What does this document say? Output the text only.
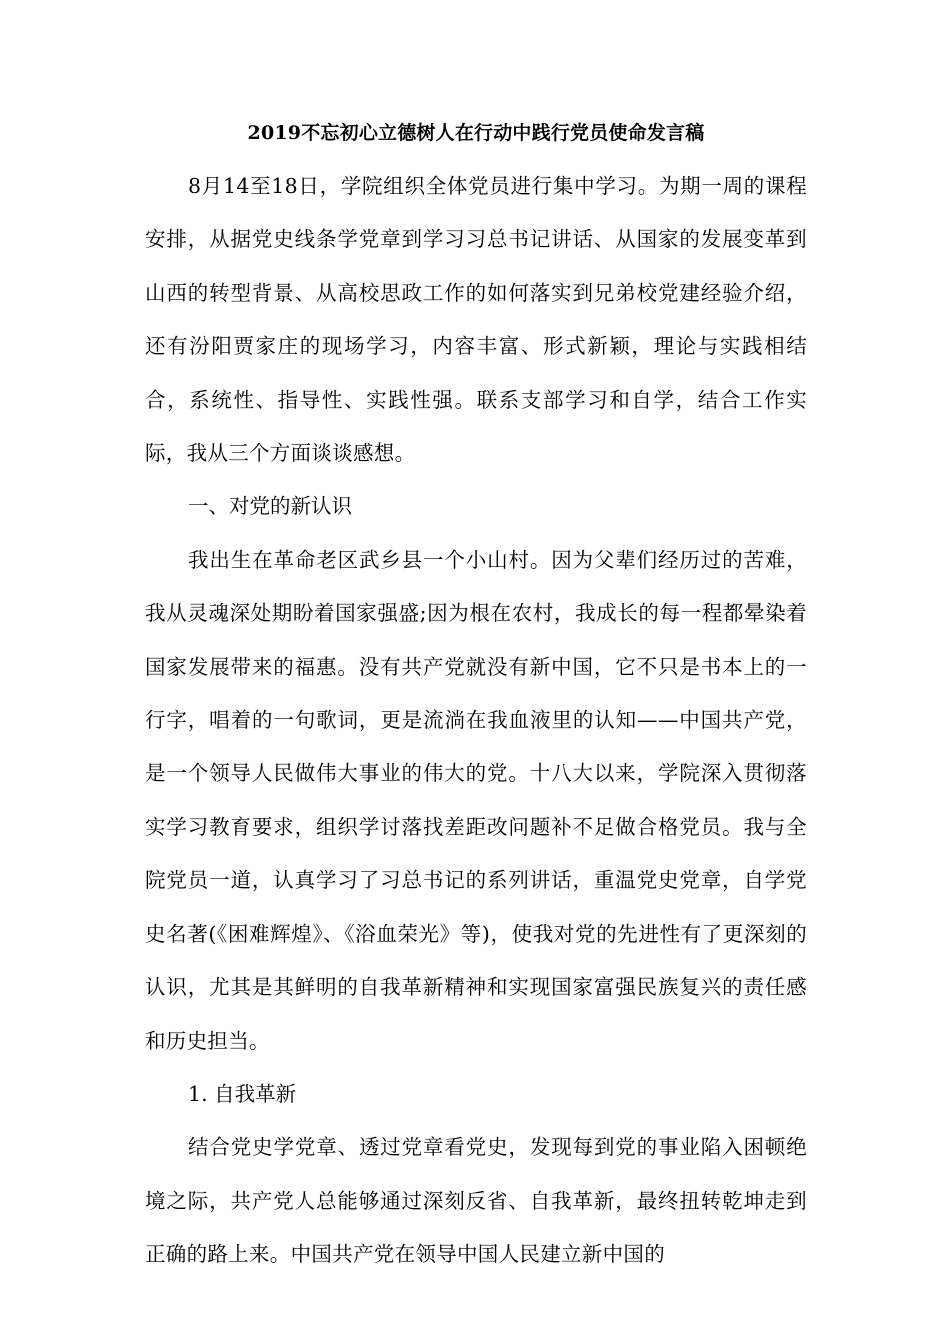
2019不忘初心立德树人在行动中践行党员使命发言稿

8月14至18日，学院组织全体党员进行集中学习。为期一周的课程安排，从据党史线条学党章到学习习总书记讲话、从国家的发展变革到山西的转型背景、从高校思政工作的如何落实到兄弟校党建经验介绍，还有汾阳贾家庄的现场学习，内容丰富、形式新颖，理论与实践相结合，系统性、指导性、实践性强。联系支部学习和自学，结合工作实际，我从三个方面谈谈感想。

一、对党的新认识

我出生在革命老区武乡县一个小山村。因为父辈们经历过的苦难，我从灵魂深处期盼着国家强盛;因为根在农村，我成长的每一程都晕染着国家发展带来的福惠。没有共产党就没有新中国，它不只是书本上的一行字，唱着的一句歌词，更是流淌在我血液里的认知——中国共产党，是一个领导人民做伟大事业的伟大的党。十八大以来，学院深入贯彻落实学习教育要求，组织学讨落找差距改问题补不足做合格党员。我与全院党员一道，认真学习了习总书记的系列讲话，重温党史党章，自学党史名著(《困难辉煌》、《浴血荣光》等)，使我对党的先进性有了更深刻的认识，尤其是其鲜明的自我革新精神和实现国家富强民族复兴的责任感和历史担当。

1. 自我革新

结合党史学党章、透过党章看党史，发现每到党的事业陷入困顿绝境之际，共产党人总能够通过深刻反省、自我革新，最终扭转乾坤走到正确的路上来。中国共产党在领导中国人民建立新中国的
